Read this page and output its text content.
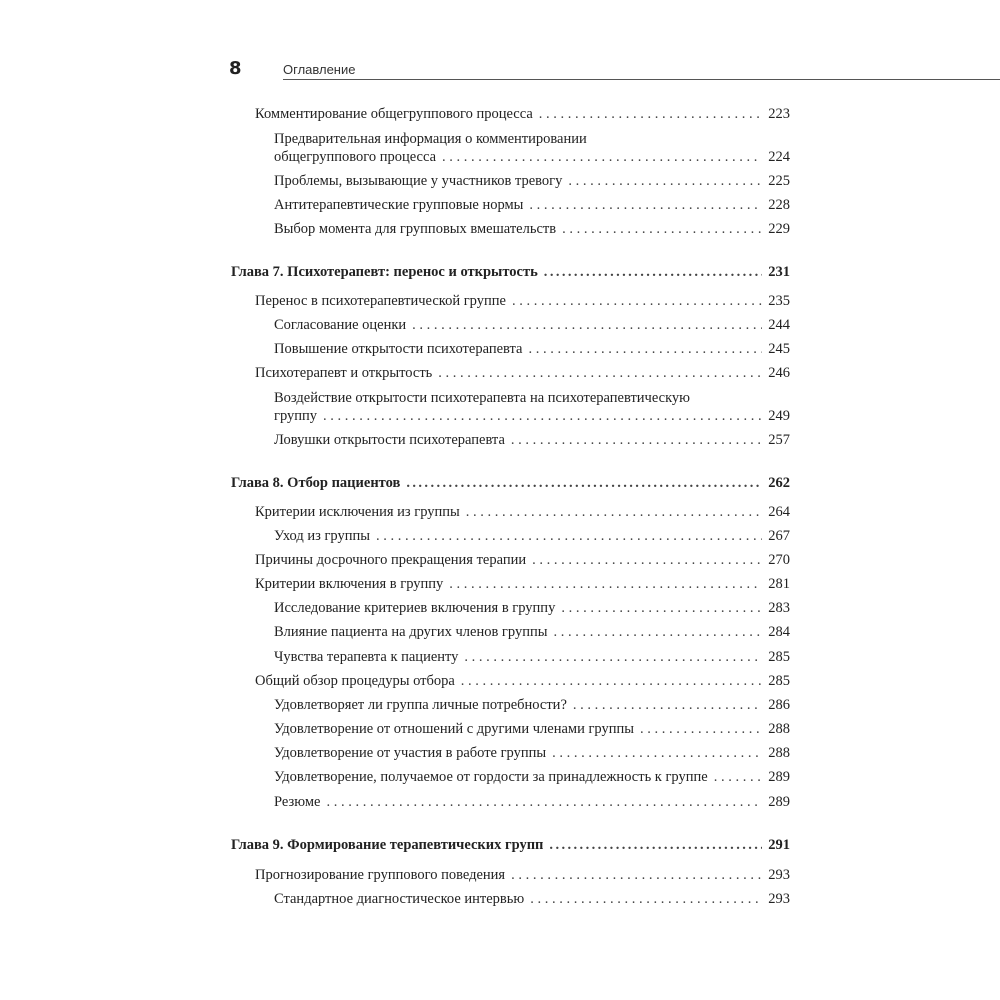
8	Оглавление
Комментирование общегруппового процесса . . .	223
Предварительная информация о комментировании
общегруппового процесса . . .	224
Проблемы, вызывающие у участников тревогу . . .	225
Антитерапевтические групповые нормы . . .	228
Выбор момента для групповых вмешательств . . .	229
Глава 7. Психотерапевт: перенос и открытость .....	231
Перенос в психотерапевтической группе . . .	235
Согласование оценки . . .	244
Повышение открытости психотерапевта . . .	245
Психотерапевт и открытость . . .	246
Воздействие открытости психотерапевта на психотерапевтическую
группу . . .	249
Ловушки открытости психотерапевта . . .	257
Глава 8. Отбор пациентов .....	262
Критерии исключения из группы . . .	264
Уход из группы . . .	267
Причины досрочного прекращения терапии . . .	270
Критерии включения в группу . . .	281
Исследование критериев включения в группу . . .	283
Влияние пациента на других членов группы . . .	284
Чувства терапевта к пациенту . . .	285
Общий обзор процедуры отбора . . .	285
Удовлетворяет ли группа личные потребности? . . .	286
Удовлетворение от отношений с другими членами группы . . .	288
Удовлетворение от участия в работе группы . . .	288
Удовлетворение, получаемое от гордости за принадлежность к группе . . .	289
Резюме . . .	289
Глава 9. Формирование терапевтических групп .....	291
Прогнозирование группового поведения . . .	293
Стандартное диагностическое интервью . . .	293
